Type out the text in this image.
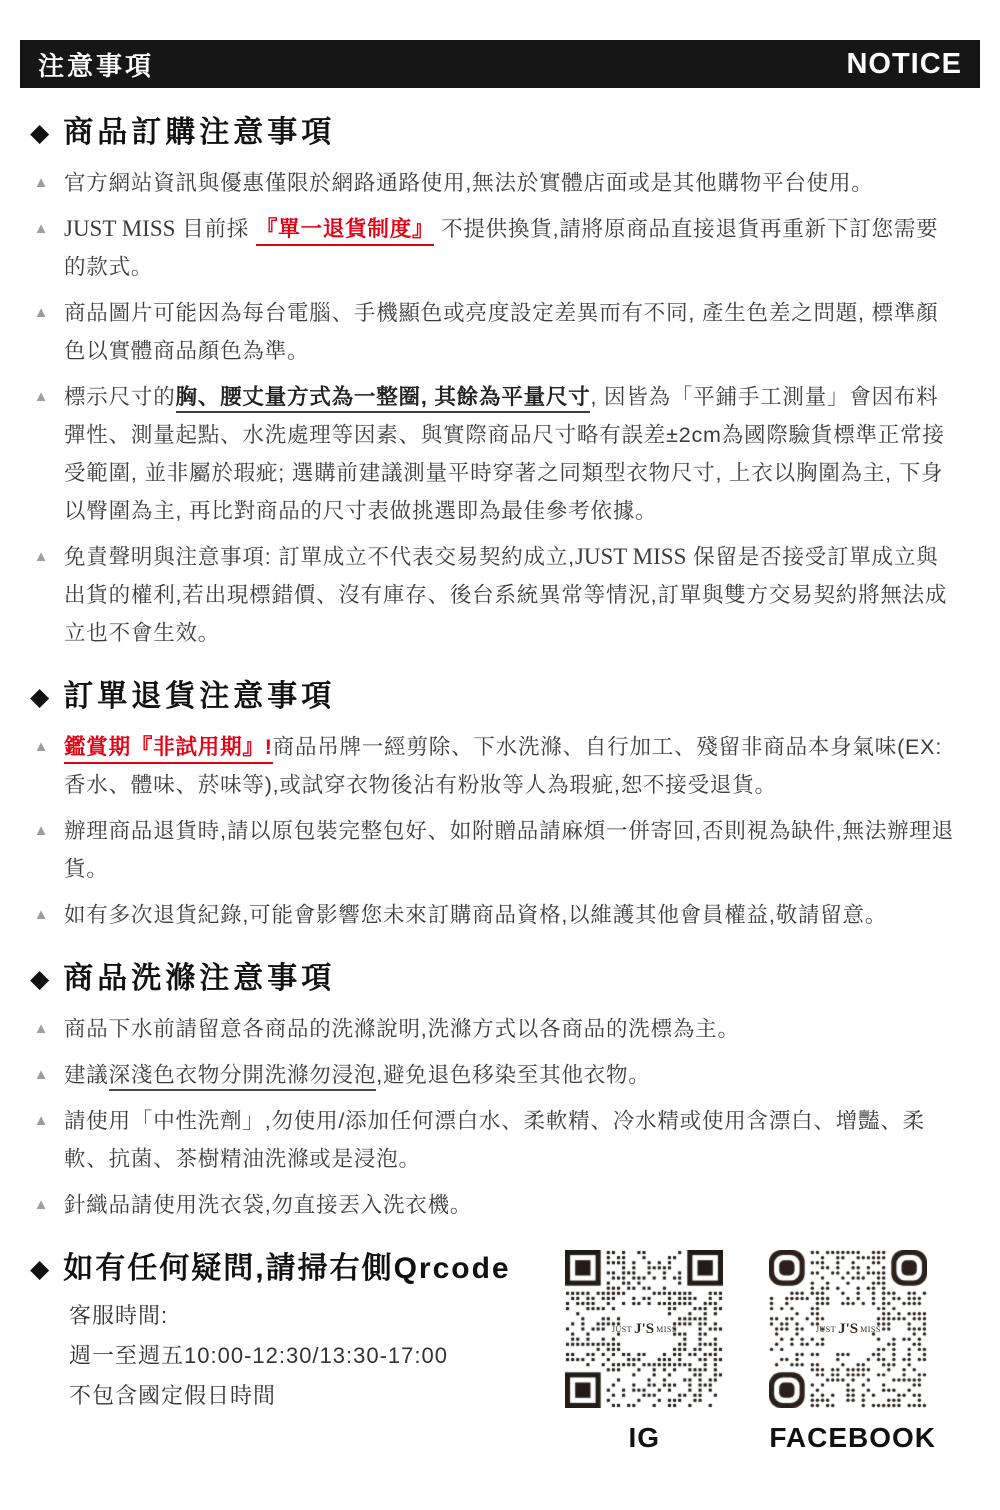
注意事項	NOTICE
◆ 商品訂購注意事項
▲ 官方網站資訊與優惠僅限於網路通路使用,無法於實體店面或是其他購物平台使用。

▲ JUST MISS 目前採 『單一退貨制度』 不提供換貨,請將原商品直接退貨再重新下訂您需要的款式。

▲ 商品圖片可能因為每台電腦、手機顯色或亮度設定差異而有不同, 產生色差之問題, 標準顏色以實體商品顏色為準。

▲ 標示尺寸的胸、腰丈量方式為一整圈, 其餘為平量尺寸, 因皆為「平鋪手工測量」會因布料彈性、測量起點、水洗處理等因素、與實際商品尺寸略有誤差±2cm為國際驗貨標準正常接受範圍, 並非屬於瑕疵; 選購前建議測量平時穿著之同類型衣物尺寸, 上衣以胸圍為主, 下身以臀圍為主, 再比對商品的尺寸表做挑選即為最佳參考依據。

▲ 免責聲明與注意事項: 訂單成立不代表交易契約成立,JUST MISS 保留是否接受訂單成立與出貨的權利,若出現標錯價、沒有庫存、後台系統異常等情況,訂單與雙方交易契約將無法成立也不會生效。

◆ 訂單退貨注意事項
▲ 鑑賞期『非試用期』!商品吊牌一經剪除、下水洗滌、自行加工、殘留非商品本身氣味(EX:香水、體味、菸味等),或試穿衣物後沾有粉妝等人為瑕疵,恕不接受退貨。

▲ 辦理商品退貨時,請以原包裝完整包好、如附贈品請麻煩一併寄回,否則視為缺件,無法辦理退貨。

▲ 如有多次退貨紀錄,可能會影響您未來訂購商品資格,以維護其他會員權益,敬請留意。

◆ 商品洗滌注意事項
▲ 商品下水前請留意各商品的洗滌說明,洗滌方式以各商品的洗標為主。

▲ 建議深淺色衣物分開洗滌勿浸泡,避免退色移染至其他衣物。

▲ 請使用「中性洗劑」,勿使用/添加任何漂白水、柔軟精、冷水精或使用含漂白、增豔、柔軟、抗菌、茶樹精油洗滌或是浸泡。

▲ 針織品請使用洗衣袋,勿直接丟入洗衣機。

◆ 如有任何疑問,請掃右側Qrcode

客服時間:

週一至週五10:00-12:30/13:30-17:00

不包含國定假日時間

JUST J'S MISS
IG
JUST J'S MISS
FACEBOOK
